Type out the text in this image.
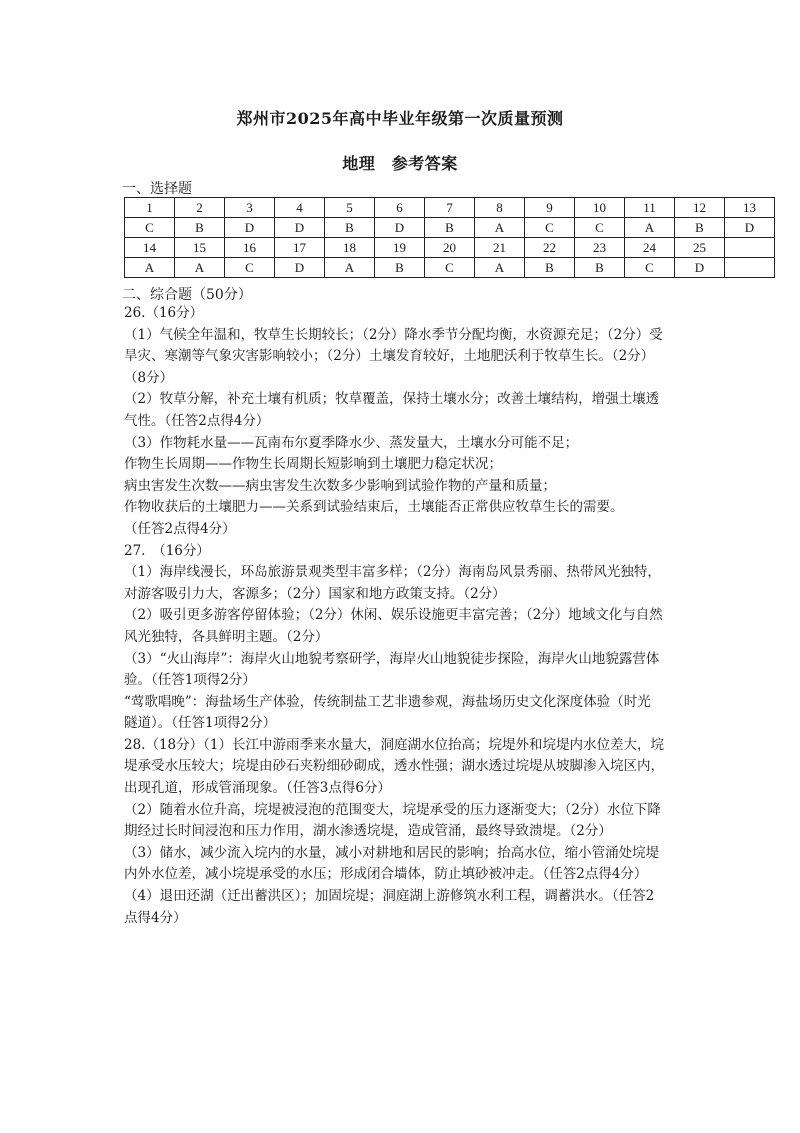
郑州市2025年高中毕业年级第一次质量预测
地理　参考答案
一、选择题
1	2	3	4	5	6	7	8	9	10	11	12	13
C	B	D	D	B	D	B	A	C	C	A	B	D
14	15	16	17	18	19	20	21	22	23	24	25	
A	A	C	D	A	B	C	A	B	B	C	D	
二、综合题（50分）

26.（16分）

（1）气候全年温和，牧草生长期较长；（2分）降水季节分配均衡，水资源充足；（2分）受

旱灾、寒潮等气象灾害影响较小；（2分）土壤发育较好，土地肥沃利于牧草生长。（2分）

（8分）

（2）牧草分解，补充土壤有机质；牧草覆盖，保持土壤水分；改善土壤结构，增强土壤透

气性。（任答2点得4分）

（3）作物耗水量——瓦南布尔夏季降水少、蒸发量大，土壤水分可能不足；

作物生长周期——作物生长周期长短影响到土壤肥力稳定状况；

病虫害发生次数——病虫害发生次数多少影响到试验作物的产量和质量；

作物收获后的土壤肥力——关系到试验结束后，土壤能否正常供应牧草生长的需要。

（任答2点得4分）

27.　（16分）

（1）海岸线漫长，环岛旅游景观类型丰富多样；（2分）海南岛风景秀丽、热带风光独特，

对游客吸引力大，客源多；（2分）国家和地方政策支持。（2分）

（2）吸引更多游客停留体验；（2分）休闲、娱乐设施更丰富完善；（2分）地域文化与自然

风光独特，各具鲜明主题。（2分）

（3）“火山海岸”：海岸火山地貌考察研学，海岸火山地貌徒步探险，海岸火山地貌露营体

验。（任答1项得2分）

“莺歌唱晚”：海盐场生产体验，传统制盐工艺非遗参观，海盐场历史文化深度体验（时光

隧道）。（任答1项得2分）

28.（18分）（1）长江中游雨季来水量大，洞庭湖水位抬高；垸堤外和垸堤内水位差大，垸

堤承受水压较大；垸堤由砂石夹粉细砂砌成，透水性强；湖水透过垸堤从坡脚渗入垸区内，

出现孔道，形成管涌现象。（任答3点得6分）

（2）随着水位升高，垸堤被浸泡的范围变大，垸堤承受的压力逐渐变大；（2分）水位下降

期经过长时间浸泡和压力作用，湖水渗透垸堤，造成管涌，最终导致溃堤。（2分）

（3）储水，减少流入垸内的水量，减小对耕地和居民的影响；抬高水位，缩小管涌处垸堤

内外水位差，减小垸堤承受的水压；形成闭合墙体，防止填砂被冲走。（任答2点得4分）

（4）退田还湖（迁出蓄洪区）；加固垸堤；洞庭湖上游修筑水利工程，调蓄洪水。（任答2

点得4分）
